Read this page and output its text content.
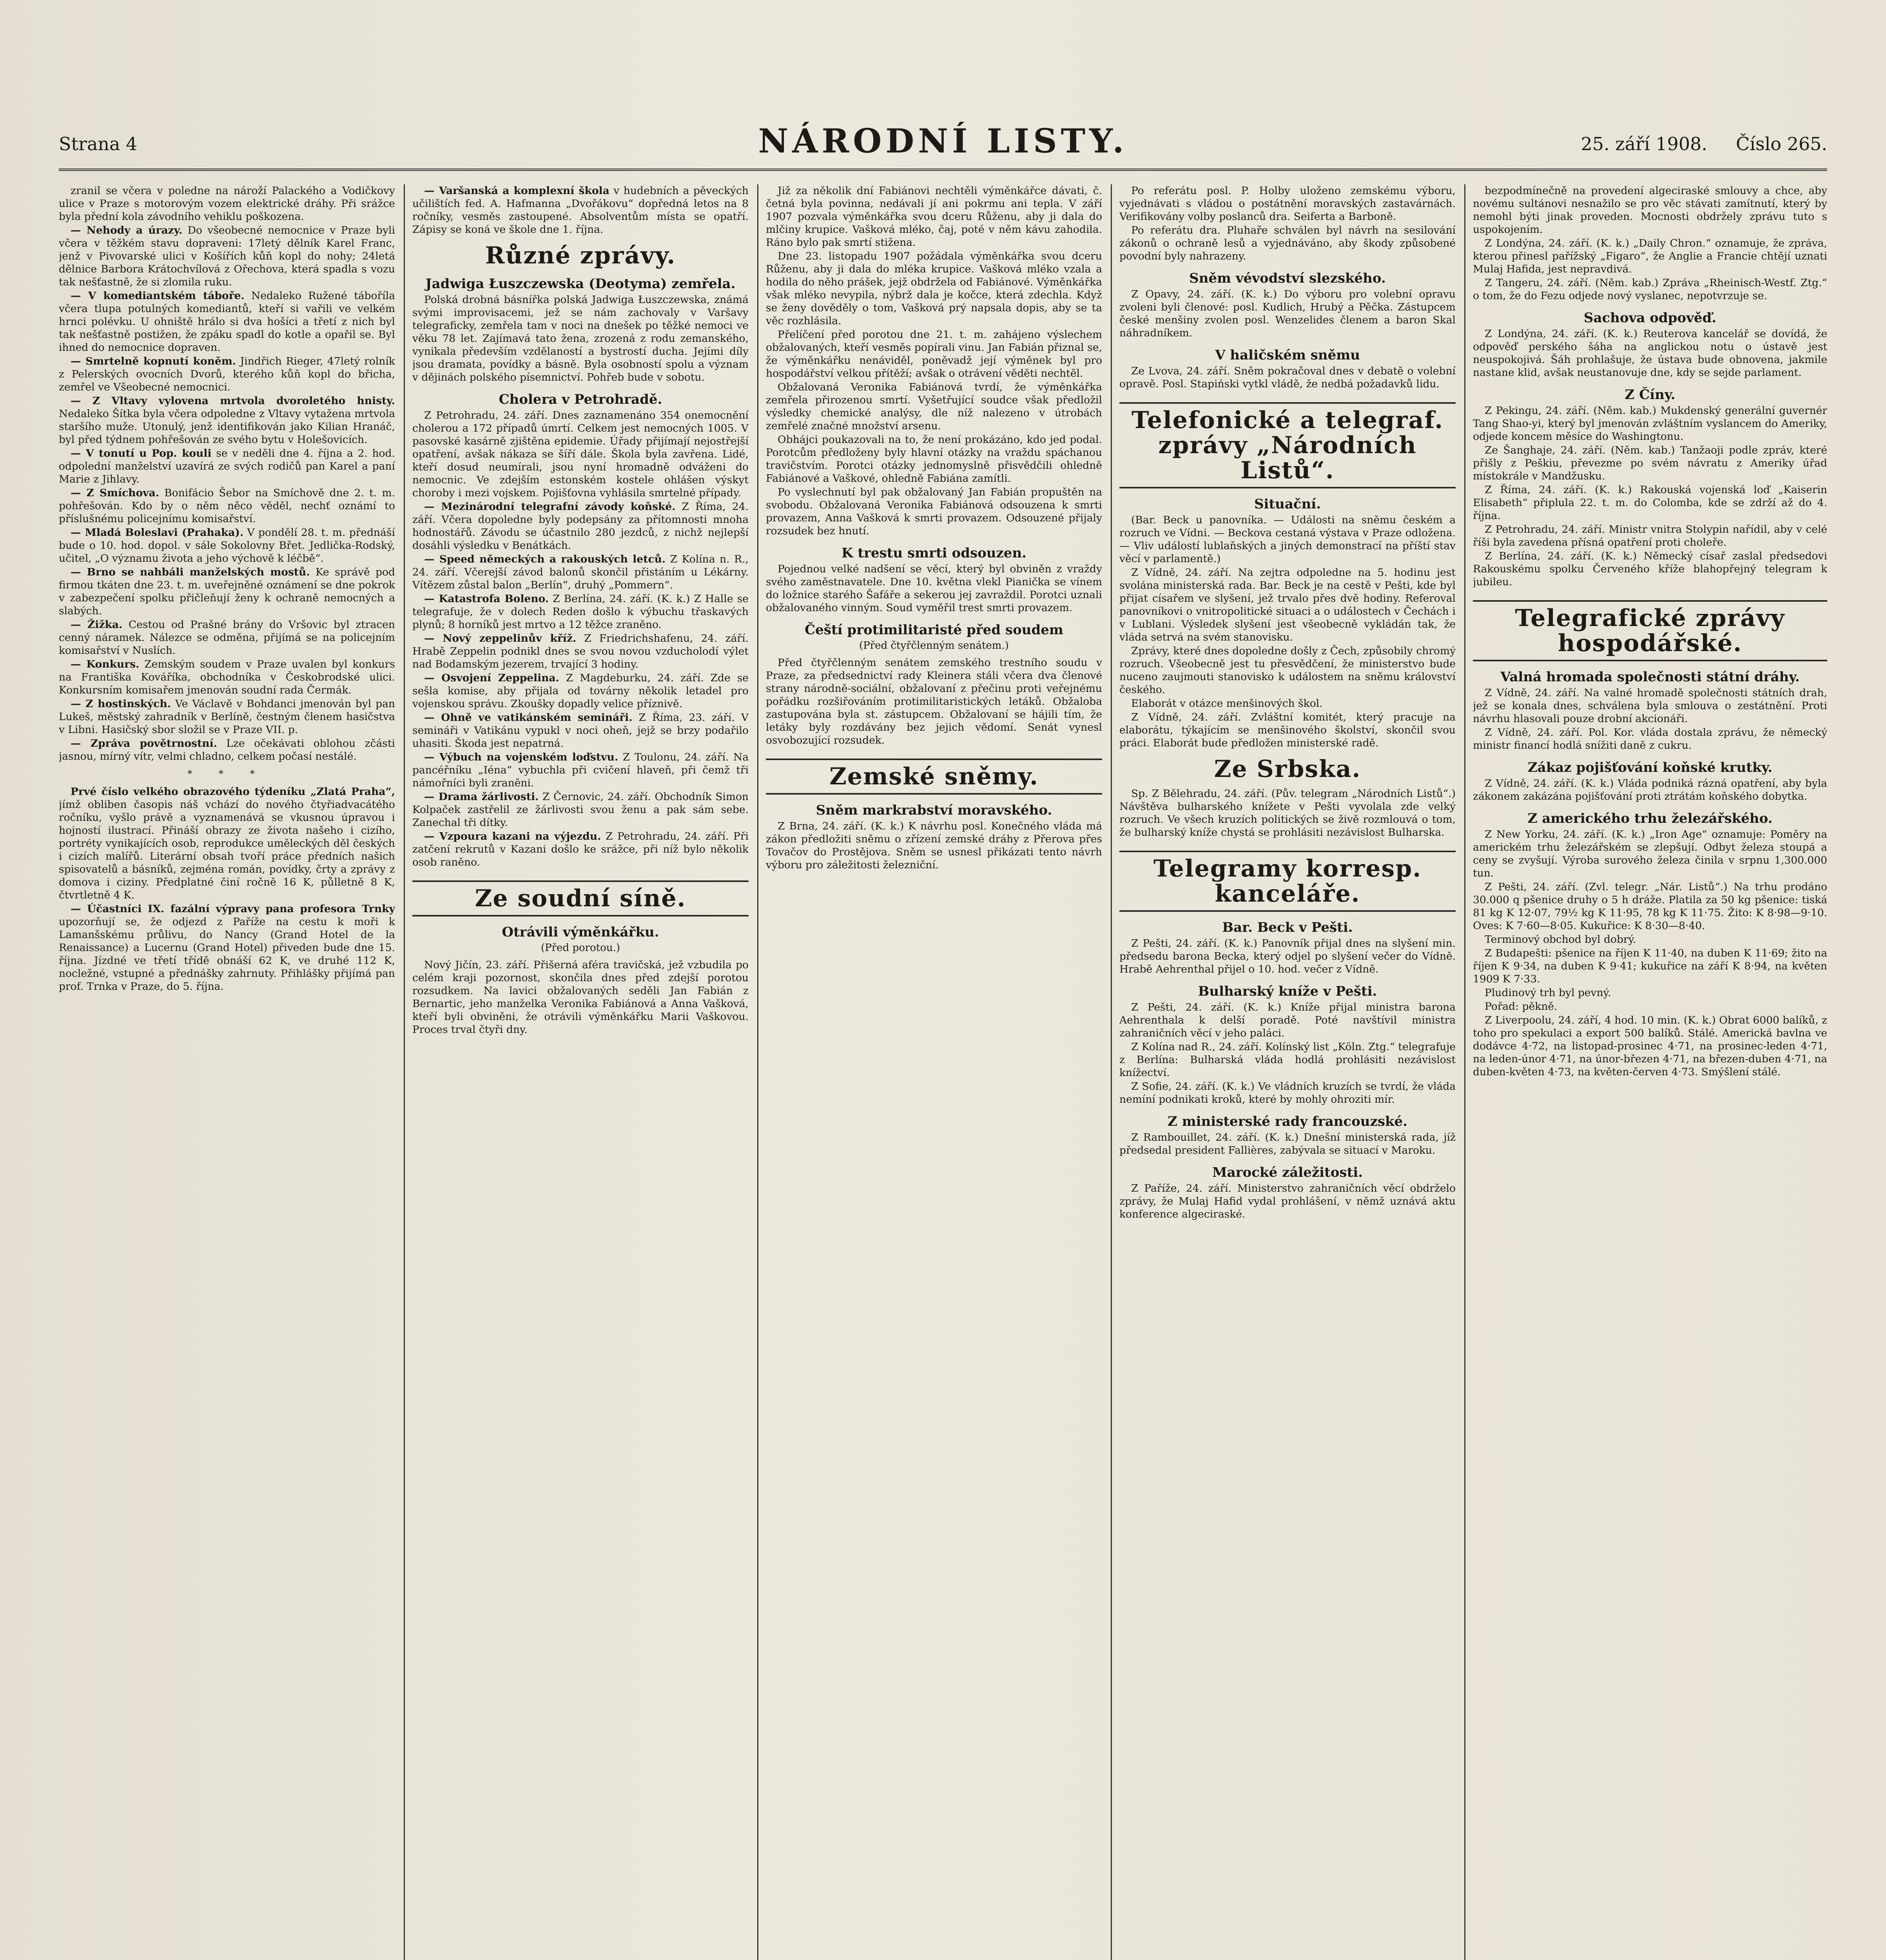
Strana 4	NÁRODNÍ LISTY.	25. září 1908. Číslo 265.

zranil se včera v poledne na nároží Palackého a Vodičkovy ulice v Praze s motorovým vozem elektrické dráhy. Při srážce byla přední kola závodního vehiklu poškozena.

— Nehody a úrazy. Do všeobecné nemocnice v Praze byli včera v těžkém stavu dopraveni: 17letý dělník Karel Franc, jenž v Pivovarské ulici v Košířích kůň kopl do nohy; 24letá dělnice Barbora Krátochvílová z Ořechova, která spadla s vozu tak nešťastně, že si zlomila ruku.

— V komediantském táboře. Nedaleko Ružené táboříla včera tlupa potulných komediantů, kteří si vařili ve velkém hrnci polévku. U ohniště hrálo si dva hošíci a třetí z nich byl tak nešťastně postižen, že zpáku spadl do kotle a opařil se. Byl ihned do nemocnice dopraven.

— Smrtelně kopnutí koněm. Jindřich Rieger, 47letý rolník z Pelerských ovocních Dvorů, kterého kůň kopl do břicha, zemřel ve Všeobecné nemocnici.

— Z Vltavy vylovena mrtvola dvoroletého hnisty. Nedaleko Šítka byla včera odpoledne z Vltavy vytažena mrtvola staršího muže. Utonulý, jenž identifikován jako Kilian Hranáč, byl před týdnem pohřešován ze svého bytu v Holešovicích.

— V tonutí u Pop. kouli se v neděli dne 4. října a 2. hod. odpolední manželství uzavírá ze svých rodičů pan Karel a paní Marie z Jihlavy.

— Z Smíchova. Bonifácio Šebor na Smíchově dne 2. t. m. pohřešován. Kdo by o něm něco věděl, nechť oznámí to příslušnému policejnímu komisařství.

— Mladá Boleslavi (Prahaka). V pondělí 28. t. m. přednáší bude o 10. hod. dopol. v sále Sokolovny Břet. Jedlička-Rodský, učitel, „O významu života a jeho výchově k léčbě“.

— Brno se nahbáli manželských mostů. Ke správě pod firmou tkáten dne 23. t. m. uveřejněné oznámení se dne pokrok v zabezpečení spolku přičleňují ženy k ochraně nemocných a slabých.

— Žižka. Cestou od Prašné brány do Vršovic byl ztracen cenný náramek. Nálezce se odměna, přijímá se na policejním komisařství v Nuslích.

— Konkurs. Zemským soudem v Praze uvalen byl konkurs na Františka Kováříka, obchodníka v Českobrodské ulici. Konkursním komisařem jmenován soudní rada Čermák.

— Z hostinských. Ve Václavě v Bohdanci jmenován byl pan Lukeš, městský zahradník v Berlíně, čestným členem hasičstva v Libni. Hasičský sbor složil se v Praze VII. p.

— Zpráva povětrnostní. Lze očekávati oblohou zčásti jasnou, mírný vítr, velmi chladno, celkem počasí nestálé.

* * *

Prvé číslo velkého obrazového týdeníku „Zlatá Praha“, jímž obliben časopis náš vchází do nového čtyřiadvacátého ročníku, vyšlo právě a vyznamenává se vkusnou úpravou i hojností ilustrací. Přináší obrazy ze života našeho i cizího, portréty vynikajících osob, reprodukce uměleckých děl českých i cizích malířů. Literární obsah tvoří práce předních našich spisovatelů a básníků, zejména román, povídky, črty a zprávy z domova i ciziny. Předplatné činí ročně 16 K, půlletně 8 K, čtvrtletně 4 K.

— Účastníci IX. fazální výpravy pana profesora Trnky upozorňují se, že odjezd z Paříže na cestu k moři k Lamanšskému průlivu, do Nancy (Grand Hotel de la Renaissance) a Lucernu (Grand Hotel) přiveden bude dne 15. října. Jízdné ve třetí třídě obnáší 62 K, ve druhé 112 K, nocležné, vstupné a přednášky zahrnuty. Přihlášky přijímá pan prof. Trnka v Praze, do 5. října.

— Varšanská a komplexní škola v hudebních a pěveckých učilištích fed. A. Hafmanna „Dvořákovu“ dopředná letos na 8 ročníky, vesměs zastoupené. Absolventům místa se opatří. Zápisy se koná ve škole dne 1. října.

Různé zprávy.
Jadwiga Łuszczewska (Deotyma) zemřela.

Polská drobná básnířka polská Jadwiga Łuszczewska, známá svými improvisacemi, jež se nám zachovaly v Varšavy telegraficky, zemřela tam v noci na dnešek po těžké nemoci ve věku 78 let. Zajímavá tato žena, zrozená z rodu zemanského, vynikala především vzdělaností a bystrostí ducha. Jejími díly jsou dramata, povídky a básně. Byla osobností spolu a význam v dějinách polského písemnictví. Pohřeb bude v sobotu.

Cholera v Petrohradě.

Z Petrohradu, 24. září. Dnes zaznamenáno 354 onemocnění cholerou a 172 případů úmrtí. Celkem jest nemocných 1005. V pasovské kasárně zjištěna epidemie. Úřady přijímají nejostřejší opatření, avšak nákaza se šíří dále. Škola byla zavřena. Lidé, kteří dosud neumírali, jsou nyní hromadně odváženi do nemocnic. Ve zdejším estonském kostele ohlášen výskyt choroby i mezi vojskem. Pojišťovna vyhlásila smrtelné případy.

— Mezinárodní telegrafní závody koňské. Z Říma, 24. září. Včera dopoledne byly podepsány za přítomnosti mnoha hodnostářů. Závodu se účastnilo 280 jezdců, z nichž nejlepší dosáhli výsledku v Benátkách.

— Speed německých a rakouských letců. Z Kolína n. R., 24. září. Včerejší závod balonů skončil přistáním u Lékárny. Vítězem zůstal balon „Berlín“, druhý „Pommern“.

— Katastrofa Boleno. Z Berlína, 24. září. (K. k.) Z Halle se telegrafuje, že v dolech Reden došlo k výbuchu třaskavých plynů; 8 horníků jest mrtvo a 12 těžce zraněno.

— Nový zeppelinův kříž. Z Friedrichshafenu, 24. září. Hrabě Zeppelin podnikl dnes se svou novou vzducholodí výlet nad Bodamským jezerem, trvající 3 hodiny.

— Osvojení Zeppelina. Z Magdeburku, 24. září. Zde se sešla komise, aby přijala od továrny několik letadel pro vojenskou správu. Zkoušky dopadly velice příznivě.

— Ohně ve vatikánském semináři. Z Říma, 23. září. V semináři v Vatikánu vypukl v noci oheň, jejž se brzy podařilo uhasiti. Škoda jest nepatrná.

— Výbuch na vojenském loďstvu. Z Toulonu, 24. září. Na pancéřníku „Iéna“ vybuchla při cvičení hlaveň, při čemž tři námořníci byli zraněni.

— Drama žárlivosti. Z Černovic, 24. září. Obchodník Simon Kolpaček zastřelil ze žárlivosti svou ženu a pak sám sebe. Zanechal tři dítky.

— Vzpoura kazani na výjezdu. Z Petrohradu, 24. září. Při zatčení rekrutů v Kazani došlo ke srážce, při níž bylo několik osob raněno.

Ze soudní síně.
Otrávili výměnkářku.
(Před porotou.)

Nový Jičín, 23. září. Přišerná aféra travičská, jež vzbudila po celém kraji pozornost, skončila dnes před zdejší porotou rozsudkem. Na lavici obžalovaných seděli Jan Fabián z Bernartic, jeho manželka Veronika Fabiánová a Anna Vašková, kteří byli obviněni, že otrávili výměnkářku Marii Vaškovou. Proces trval čtyři dny.

Již za několik dní Fabiánovi nechtěli výměnkářce dávati, č. četná byla povinna, nedávali jí ani pokrmu ani tepla. V září 1907 pozvala výměnkářka svou dceru Růženu, aby ji dala do mlčiny krupice. Vašková mléko, čaj, poté v něm kávu zahodila. Ráno bylo pak smrtí stižena.

Dne 23. listopadu 1907 požádala výměnkářka svou dceru Růženu, aby ji dala do mléka krupice. Vašková mléko vzala a hodila do něho prášek, jejž obdržela od Fabiánové. Výměnkářka však mléko nevypila, nýbrž dala je kočce, která zdechla. Když se ženy dověděly o tom, Vašková prý napsala dopis, aby se ta věc rozhlásila.

Přelíčení před porotou dne 21. t. m. zahájeno výslechem obžalovaných, kteří vesměs popírali vinu. Jan Fabián přiznal se, že výměnkářku nenáviděl, poněvadž její výměnek byl pro hospodářství velkou přítěží; avšak o otrávení věděti nechtěl.

Obžalovaná Veronika Fabiánová tvrdí, že výměnkářka zemřela přirozenou smrtí. Vyšetřující soudce však předložil výsledky chemické analýsy, dle níž nalezeno v útrobách zemřelé značné množství arsenu.

Obhájci poukazovali na to, že není prokázáno, kdo jed podal. Porotcům předloženy byly hlavní otázky na vraždu spáchanou travičstvím. Porotci otázky jednomyslně přisvědčili ohledně Fabiánové a Vaškové, ohledně Fabiána zamítli.

Po vyslechnutí byl pak obžalovaný Jan Fabián propuštěn na svobodu. Obžalovaná Veronika Fabiánová odsouzena k smrti provazem, Anna Vašková k smrti provazem. Odsouzené přijaly rozsudek bez hnutí.

K trestu smrti odsouzen.

Pojednou velké nadšení se věcí, který byl obviněn z vraždy svého zaměstnavatele. Dne 10. května vlekl Pianička se vínem do ložnice starého Šafáře a sekerou jej zavraždil. Porotci uznali obžalovaného vinným. Soud vyměřil trest smrti provazem.

Čeští protimilitaristé před soudem
(Před čtyřčlenným senátem.)

Před čtyřčlenným senátem zemského trestního soudu v Praze, za předsednictví rady Kleinera stáli včera dva členové strany národně-sociální, obžalovaní z přečinu proti veřejnému pořádku rozšiřováním protimilitaristických letáků. Obžaloba zastupována byla st. zástupcem. Obžalovaní se hájili tím, že letáky byly rozdávány bez jejich vědomí. Senát vynesl osvobozující rozsudek.

Zemské sněmy.
Sněm markrabství moravského.

Z Brna, 24. září. (K. k.) K návrhu posl. Konečného vláda má zákon předložiti sněmu o zřízení zemské dráhy z Přerova přes Tovačov do Prostějova. Sněm se usnesl přikázati tento návrh výboru pro záležitosti železniční.

Po referátu posl. P. Holby uloženo zemskému výboru, vyjednávati s vládou o postátnění moravských zastavárnách. Verifikovány volby poslanců dra. Seiferta a Barboně.

Po referátu dra. Pluhaře schválen byl návrh na sesilování zákonů o ochraně lesů a vyjednáváno, aby škody způsobené povodní byly nahrazeny.

Sněm vévodství slezského.

Z Opavy, 24. září. (K. k.) Do výboru pro volební opravu zvoleni byli členové: posl. Kudlich, Hrubý a Pěčka. Zástupcem české menšiny zvolen posl. Wenzelides členem a baron Skal náhradníkem.

V haličském sněmu

Ze Lvova, 24. září. Sněm pokračoval dnes v debatě o volební opravě. Posl. Stapiński vytkl vládě, že nedbá požadavků lidu.

Telefonické a telegraf. zprávy „Národních Listů“.
Situační.

(Bar. Beck u panovníka. — Události na sněmu českém a rozruch ve Vídni. — Beckova cestaná výstava v Praze odložena. — Vliv událostí lublaňských a jiných demonstrací na příští stav věcí v parlamentě.)

Z Vídně, 24. září. Na zejtra odpoledne na 5. hodinu jest svolána ministerská rada. Bar. Beck je na cestě v Pešti, kde byl přijat císařem ve slyšení, jež trvalo přes dvě hodiny. Referoval panovníkovi o vnitropolitické situaci a o událostech v Čechách i v Lublani. Výsledek slyšení jest všeobecně vykládán tak, že vláda setrvá na svém stanovisku.

Zprávy, které dnes dopoledne došly z Čech, způsobily chromý rozruch. Všeobecně jest tu přesvědčení, že ministerstvo bude nuceno zaujmouti stanovisko k událostem na sněmu království českého.

Elaborát v otázce menšinových škol.

Z Vídně, 24. září. Zvláštní komitét, který pracuje na elaborátu, týkajícím se menšinového školství, skončil svou práci. Elaborát bude předložen ministerské radě.

Ze Srbska.

Sp. Z Bělehradu, 24. září. (Pův. telegram „Národních Listů“.) Návštěva bulharského knížete v Pešti vyvolala zde velký rozruch. Ve všech kruzích politických se živě rozmlouvá o tom, že bulharský kníže chystá se prohlásiti nezávislost Bulharska.

Telegramy korresp. kanceláře.
Bar. Beck v Pešti.

Z Pešti, 24. září. (K. k.) Panovník přijal dnes na slyšení min. předsedu barona Becka, který odjel po slyšení večer do Vídně. Hrabě Aehrenthal přijel o 10. hod. večer z Vídně.

Bulharský kníže v Pešti.

Z Pešti, 24. září. (K. k.) Kníže přijal ministra barona Aehrenthala k delší poradě. Poté navštívil ministra zahraničních věcí v jeho paláci.

Z Kolína nad R., 24. září. Kolínský list „Köln. Ztg.“ telegrafuje z Berlína: Bulharská vláda hodlá prohlásiti nezávislost knížectví.

Z Sofie, 24. září. (K. k.) Ve vládních kruzích se tvrdí, že vláda nemíní podnikati kroků, které by mohly ohroziti mír.

Z ministerské rady francouzské.

Z Rambouillet, 24. září. (K. k.) Dnešní ministerská rada, jíž předsedal president Fallières, zabývala se situací v Maroku.

Marocké záležitosti.

Z Paříže, 24. září. Ministerstvo zahraničních věcí obdrželo zprávy, že Mulaj Hafid vydal prohlášení, v němž uznává aktu konference algeciraské.

bezpodmínečně na provedení algeciraské smlouvy a chce, aby novému sultánovi nesnažilo se pro věc stávati zamítnutí, který by nemohl býti jinak proveden. Mocnosti obdržely zprávu tuto s uspokojením.

Z Londýna, 24. září. (K. k.) „Daily Chron.“ oznamuje, že zpráva, kterou přinesl pařížský „Figaro“, že Anglie a Francie chtějí uznati Mulaj Hafida, jest nepravdivá.

Z Tangeru, 24. září. (Něm. kab.) Zpráva „Rheinisch-Westf. Ztg.“ o tom, že do Fezu odjede nový vyslanec, nepotvrzuje se.

Sachova odpověď.

Z Londýna, 24. září. (K. k.) Reuterova kancelář se dovídá, že odpověď perského šáha na anglickou notu o ústavě jest neuspokojivá. Šáh prohlašuje, že ústava bude obnovena, jakmile nastane klid, avšak neustanovuje dne, kdy se sejde parlament.

Z Číny.

Z Pekingu, 24. září. (Něm. kab.) Mukdenský generální guvernér Tang Shao-yi, který byl jmenován zvláštním vyslancem do Ameriky, odjede koncem měsíce do Washingtonu.

Ze Šanghaje, 24. září. (Něm. kab.) Tanžaoji podle zpráv, které přišly z Peškiu, převezme po svém návratu z Ameriky úřad místokrále v Mandžusku.

Z Říma, 24. září. (K. k.) Rakouská vojenská loď „Kaiserin Elisabeth“ připlula 22. t. m. do Colomba, kde se zdrží až do 4. října.

Z Petrohradu, 24. září. Ministr vnitra Stolypin nařídil, aby v celé říši byla zavedena přísná opatření proti choleře.

Z Berlína, 24. září. (K. k.) Německý císař zaslal předsedovi Rakouskému spolku Červeného kříže blahopřejný telegram k jubileu.

Telegrafické zprávy hospodářské.
Valná hromada společnosti státní dráhy.

Z Vídně, 24. září. Na valné hromadě společnosti státních drah, jež se konala dnes, schválena byla smlouva o zestátnění. Proti návrhu hlasovali pouze drobní akcionáři.

Z Vídně, 24. září. Pol. Kor. vláda dostala zprávu, že německý ministr financí hodlá snížiti daně z cukru.

Zákaz pojišťování koňské krutky.

Z Vídně, 24. září. (K. k.) Vláda podniká rázná opatření, aby byla zákonem zakázána pojišťování proti ztrátám koňského dobytka.

Z amerického trhu železářského.

Z New Yorku, 24. září. (K. k.) „Iron Age“ oznamuje: Poměry na americkém trhu železářském se zlepšují. Odbyt železa stoupá a ceny se zvyšují. Výroba surového železa činila v srpnu 1,300.000 tun.

Z Pešti, 24. září. (Zvl. telegr. „Nár. Listů“.) Na trhu prodáno 30.000 q pšenice druhy o 5 h dráže. Platila za 50 kg pšenice: tiská 81 kg K 12·07, 79½ kg K 11·95, 78 kg K 11·75. Žito: K 8·98—9·10. Oves: K 7·60—8·05. Kukuřice: K 8·30—8·40.

Terminový obchod byl dobrý.

Z Budapešti: pšenice na říjen K 11·40, na duben K 11·69; žito na říjen K 9·34, na duben K 9·41; kukuřice na září K 8·94, na květen 1909 K 7·33.

Pludinový trh byl pevný.

Pořad: pěkně.

Z Liverpoolu, 24. září, 4 hod. 10 min. (K. k.) Obrat 6000 balíků, z toho pro spekulaci a export 500 balíků. Stálé. Americká bavlna ve dodávce 4·72, na listopad-prosinec 4·71, na prosinec-leden 4·71, na leden-únor 4·71, na únor-březen 4·71, na březen-duben 4·71, na duben-květen 4·73, na květen-červen 4·73. Smýšlení stálé.
